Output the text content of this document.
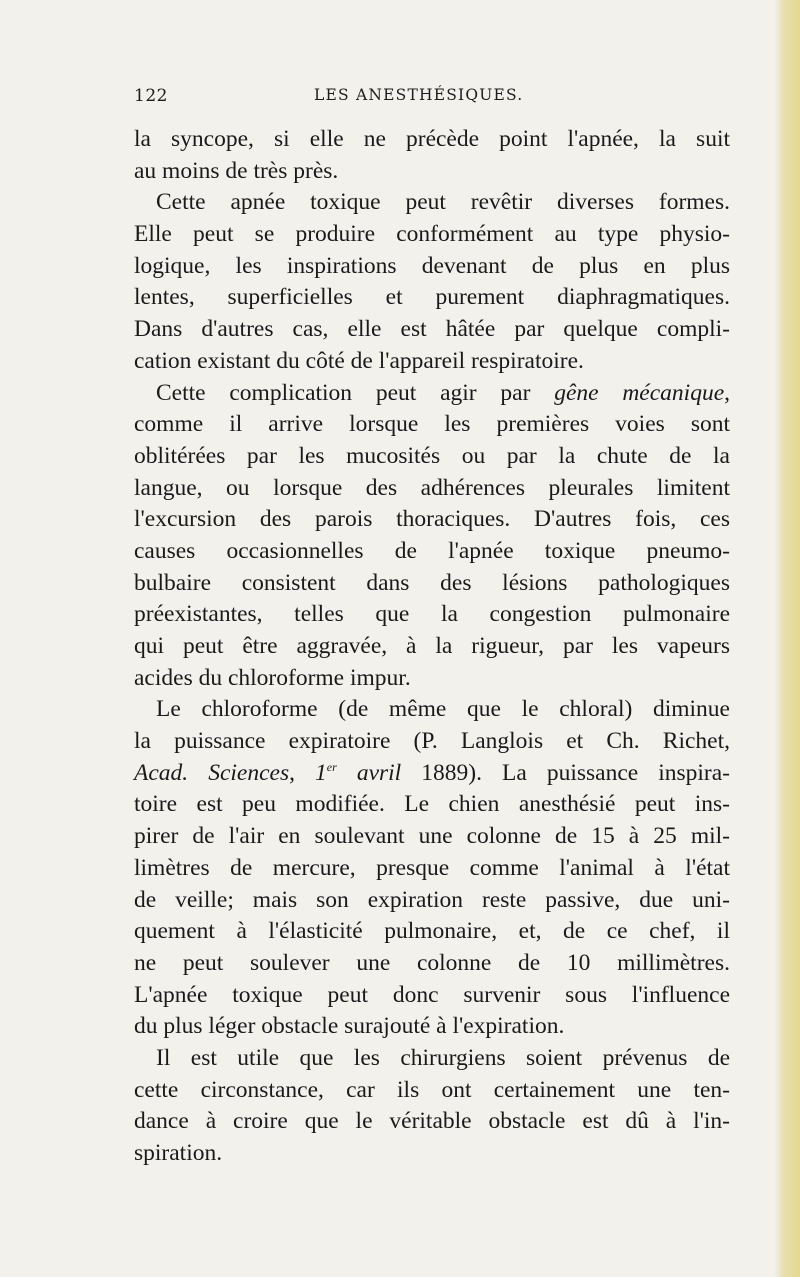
122	LES ANESTHÉSIQUES.
la syncope, si elle ne précède point l'apnée, la suit
au moins de très près.
Cette apnée toxique peut revêtir diverses formes.
Elle peut se produire conformément au type physio-
logique, les inspirations devenant de plus en plus
lentes, superficielles et purement diaphragmatiques.
Dans d'autres cas, elle est hâtée par quelque compli-
cation existant du côté de l'appareil respiratoire.
Cette complication peut agir par gêne mécanique,
comme il arrive lorsque les premières voies sont
oblitérées par les mucosités ou par la chute de la
langue, ou lorsque des adhérences pleurales limitent
l'excursion des parois thoraciques. D'autres fois, ces
causes occasionnelles de l'apnée toxique pneumo-
bulbaire consistent dans des lésions pathologiques
préexistantes, telles que la congestion pulmonaire
qui peut être aggravée, à la rigueur, par les vapeurs
acides du chloroforme impur.
Le chloroforme (de même que le chloral) diminue
la puissance expiratoire (P. Langlois et Ch. Richet,
Acad. Sciences, 1er avril 1889). La puissance inspira-
toire est peu modifiée. Le chien anesthésié peut ins-
pirer de l'air en soulevant une colonne de 15 à 25 mil-
limètres de mercure, presque comme l'animal à l'état
de veille; mais son expiration reste passive, due uni-
quement à l'élasticité pulmonaire, et, de ce chef, il
ne peut soulever une colonne de 10 millimètres.
L'apnée toxique peut donc survenir sous l'influence
du plus léger obstacle surajouté à l'expiration.
Il est utile que les chirurgiens soient prévenus de
cette circonstance, car ils ont certainement une ten-
dance à croire que le véritable obstacle est dû à l'in-
spiration.
